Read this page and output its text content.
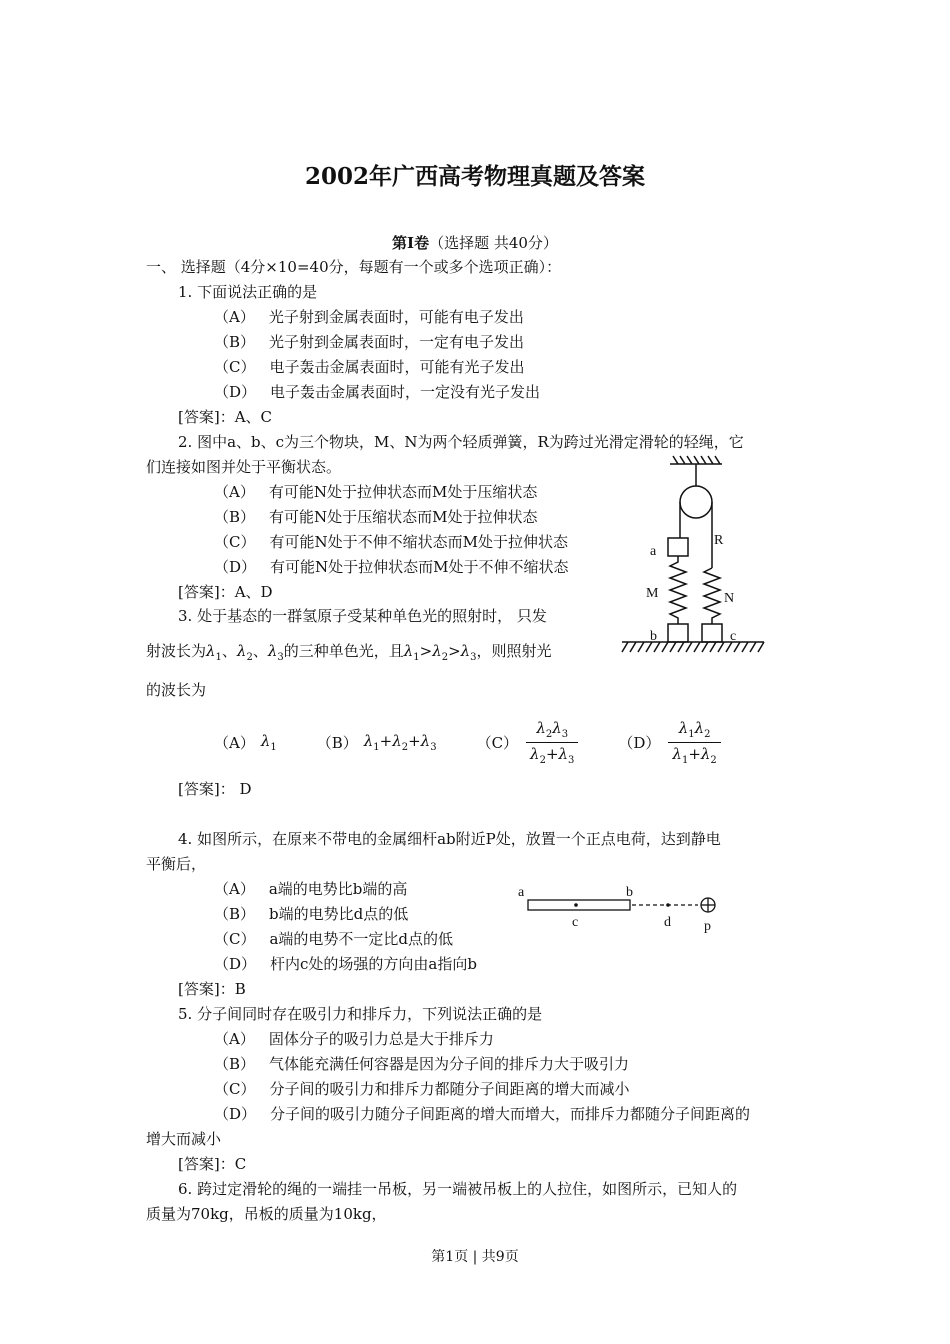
2002年广西高考物理真题及答案
第Ⅰ卷（选择题 共40分）
一、 选择题（4分×10=40分，每题有一个或多个选项正确）：
1. 下面说法正确的是
（A） 光子射到金属表面时，可能有电子发出
（B） 光子射到金属表面时，一定有电子发出
（C） 电子轰击金属表面时，可能有光子发出
（D） 电子轰击金属表面时，一定没有光子发出
[答案]：A、C
2. 图中a、b、c为三个物块，M、N为两个轻质弹簧，R为跨过光滑定滑轮的轻绳，它
们连接如图并处于平衡状态。
（A） 有可能N处于拉伸状态而M处于压缩状态
（B） 有可能N处于压缩状态而M处于拉伸状态
（C） 有可能N处于不伸不缩状态而M处于拉伸状态
（D） 有可能N处于拉伸状态而M处于不伸不缩状态
[答案]：A、D
a
M	N
R
b	c
3. 处于基态的一群氢原子受某种单色光的照射时， 只发
射波长为$\lambda_1$、$\lambda_2$、$\lambda_3$的三种单色光，且$\lambda_1>\lambda_2>\lambda_3$，则照射光
的波长为
（A） $\lambda_1$	（B） $\lambda_1+\lambda_2+\lambda_3$	$(C) \frac{\lambda_2\lambda_3}{\lambda_2+\lambda_3}$	$(D) \frac{\lambda_1\lambda_2}{\lambda_1+\lambda_2}$
[答案]： D
4. 如图所示，在原来不带电的金属细杆ab附近P处，放置一个正点电荷，达到静电
平衡后，
（A） a端的电势比b端的高
（B） b端的电势比d点的低
（C） a端的电势不一定比d点的低
（D） 杆内c处的场强的方向由a指向b
[答案]：B
a	b
c	d p
5. 分子间同时存在吸引力和排斥力，下列说法正确的是
（A） 固体分子的吸引力总是大于排斥力
（B） 气体能充满任何容器是因为分子间的排斥力大于吸引力
（C） 分子间的吸引力和排斥力都随分子间距离的增大而减小
（D） 分子间的吸引力随分子间距离的增大而增大，而排斥力都随分子间距离的
增大而减小
[答案]：C
6. 跨过定滑轮的绳的一端挂一吊板，另一端被吊板上的人拉住，如图所示，已知人的
质量为70kg，吊板的质量为10kg，
第1页 | 共9页
